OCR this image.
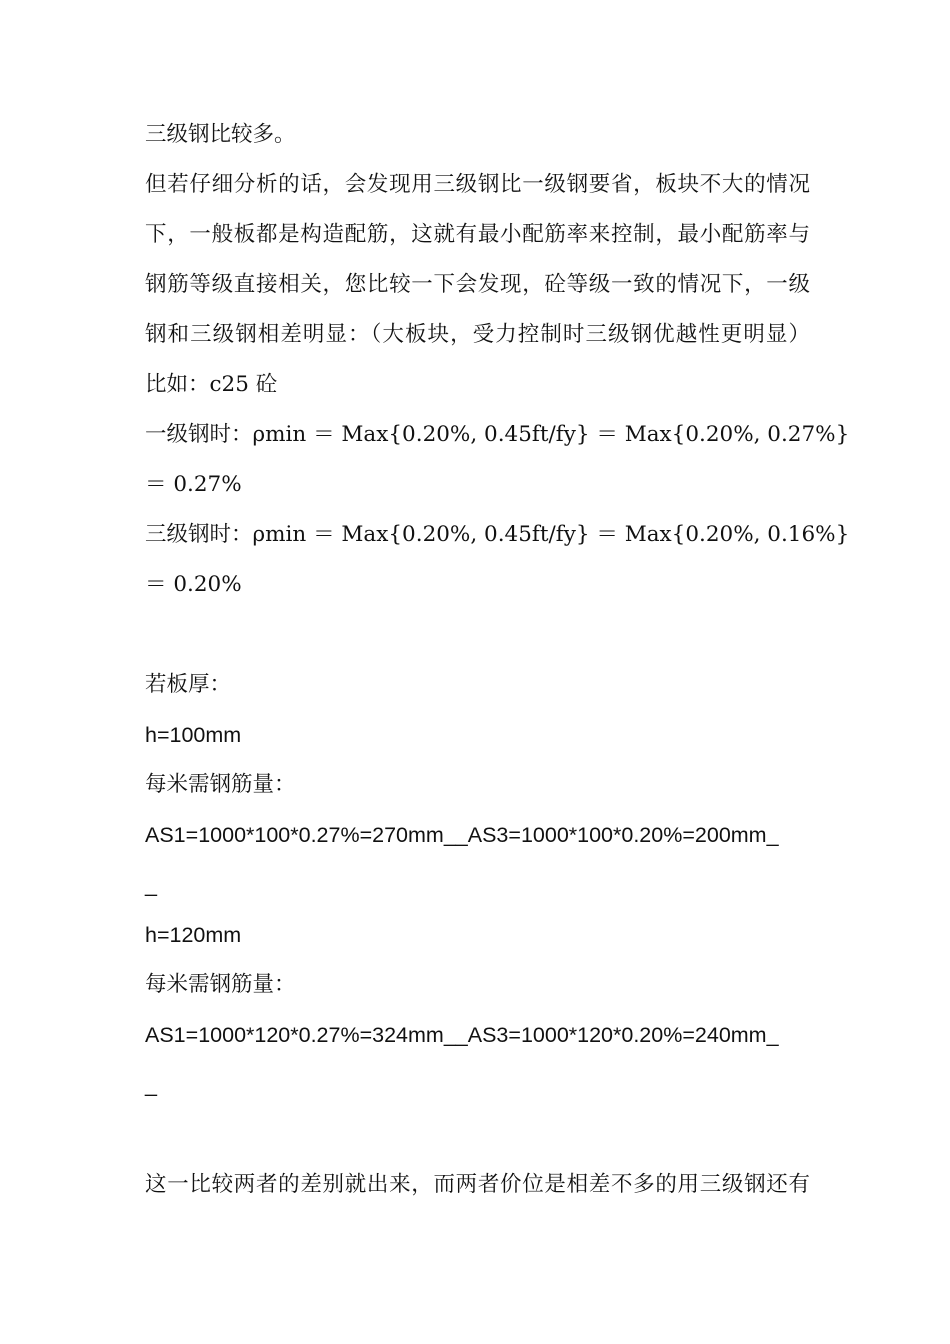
三级钢比较多。
但若仔细分析的话，会发现用三级钢比一级钢要省，板块不大的情况
下，一般板都是构造配筋，这就有最小配筋率来控制，最小配筋率与
钢筋等级直接相关，您比较一下会发现，砼等级一致的情况下，一级
钢和三级钢相差明显：（大板块，受力控制时三级钢优越性更明显）
比如：c25 砼
一级钢时：ρmin ＝ Max{0.20%, 0.45ft/fy} ＝ Max{0.20%, 0.27%}
＝ 0.27%
三级钢时：ρmin ＝ Max{0.20%, 0.45ft/fy} ＝ Max{0.20%, 0.16%}
＝ 0.20%
若板厚：
h=100mm
每米需钢筋量：
AS1=1000*100*0.27%=270mm__AS3=1000*100*0.20%=200mm_
_
h=120mm
每米需钢筋量：
AS1=1000*120*0.27%=324mm__AS3=1000*120*0.20%=240mm_
_
这一比较两者的差别就出来，而两者价位是相差不多的用三级钢还有
